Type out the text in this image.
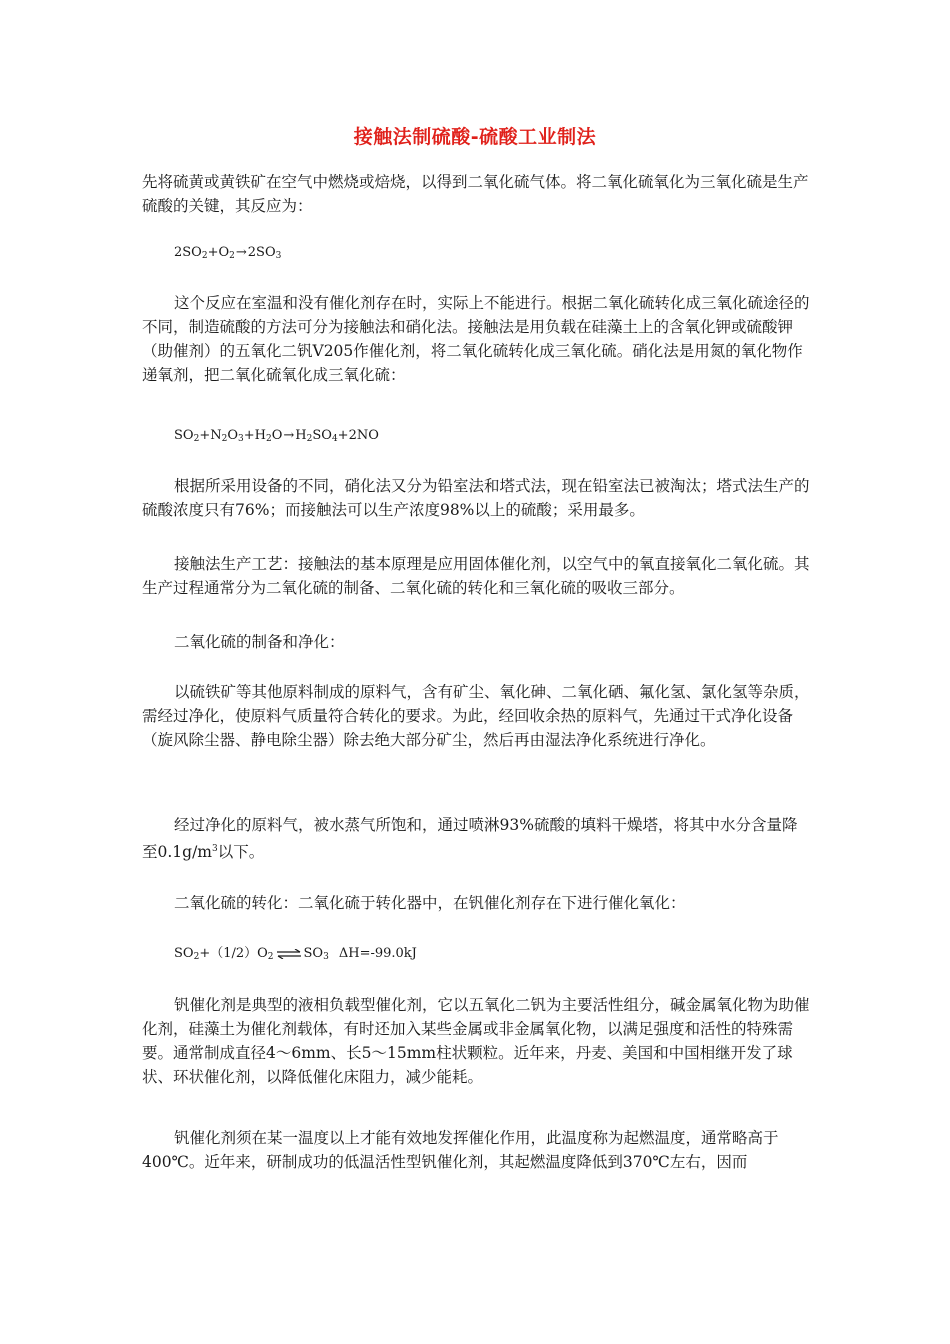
接触法制硫酸-硫酸工业制法

先将硫黄或黄铁矿在空气中燃烧或焙烧，以得到二氧化硫气体。将二氧化硫氧化为三氧化硫是生产硫酸的关键，其反应为：

$2SO_2+O_2\to 2SO_3$

这个反应在室温和没有催化剂存在时，实际上不能进行。根据二氧化硫转化成三氧化硫途径的不同，制造硫酸的方法可分为接触法和硝化法。接触法是用负载在硅藻土上的含氧化钾或硫酸钾（助催剂）的五氧化二钒V205作催化剂，将二氧化硫转化成三氧化硫。硝化法是用氮的氧化物作递氧剂，把二氧化硫氧化成三氧化硫：

$SO_2+N_2O_3+H_2O\to H_2SO_4+2NO$

根据所采用设备的不同，硝化法又分为铅室法和塔式法，现在铅室法已被淘汰；塔式法生产的硫酸浓度只有76%；而接触法可以生产浓度98%以上的硫酸；采用最多。

接触法生产工艺：接触法的基本原理是应用固体催化剂，以空气中的氧直接氧化二氧化硫。其生产过程通常分为二氧化硫的制备、二氧化硫的转化和三氧化硫的吸收三部分。

二氧化硫的制备和净化：

以硫铁矿等其他原料制成的原料气，含有矿尘、氧化砷、二氧化硒、氟化氢、氯化氢等杂质，需经过净化，使原料气质量符合转化的要求。为此，经回收余热的原料气，先通过干式净化设备（旋风除尘器、静电除尘器）除去绝大部分矿尘，然后再由湿法净化系统进行净化。

经过净化的原料气，被水蒸气所饱和，通过喷淋93%硫酸的填料干燥塔，将其中水分含量降至$0.1g/m^3$以下。

二氧化硫的转化：二氧化硫于转化器中，在钒催化剂存在下进行催化氧化：

$SO_2+(1/2)O_2$ ⇌ $SO_3$ ΔH=-99.0kJ

钒催化剂是典型的液相负载型催化剂，它以五氧化二钒为主要活性组分，碱金属氧化物为助催化剂，硅藻土为催化剂载体，有时还加入某些金属或非金属氧化物，以满足强度和活性的特殊需要。通常制成直径4～6mm、长5～15mm柱状颗粒。近年来，丹麦、美国和中国相继开发了球状、环状催化剂，以降低催化床阻力，减少能耗。

钒催化剂须在某一温度以上才能有效地发挥催化作用，此温度称为起燃温度，通常略高于400℃。近年来，研制成功的低温活性型钒催化剂，其起燃温度降低到370℃左右，因而
